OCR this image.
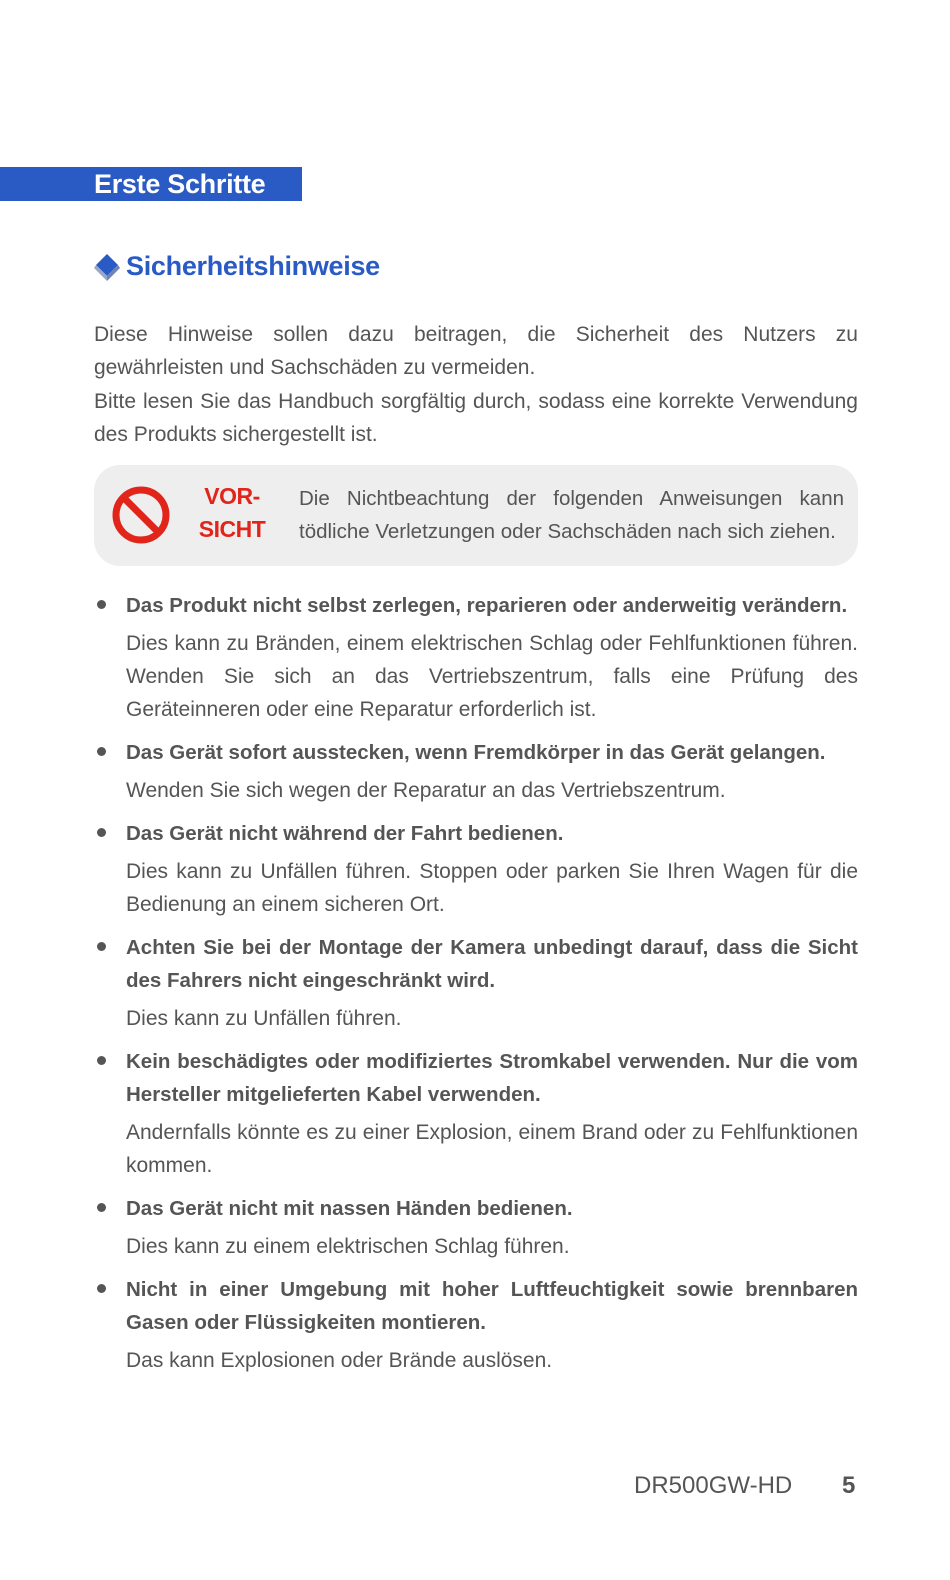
Erste Schritte
Sicherheitshinweise

Diese Hinweise sollen dazu beitragen, die Sicherheit des Nutzers zu gewährleisten und Sachschäden zu vermeiden.

Bitte lesen Sie das Handbuch sorgfältig durch, sodass eine korrekte Verwendung des Produkts sichergestellt ist.

VOR-
SICHT
Die Nichtbeachtung der folgenden Anweisungen kann tödliche Verletzungen oder Sachschäden nach sich ziehen.

Das Produkt nicht selbst zerlegen, reparieren oder anderweitig verändern.

Dies kann zu Bränden, einem elektrischen Schlag oder Fehlfunktionen führen. Wenden Sie sich an das Vertriebszentrum, falls eine Prüfung des Geräteinneren oder eine Reparatur erforderlich ist.

Das Gerät sofort ausstecken, wenn Fremdkörper in das Gerät gelangen.

Wenden Sie sich wegen der Reparatur an das Vertriebszentrum.

Das Gerät nicht während der Fahrt bedienen.

Dies kann zu Unfällen führen. Stoppen oder parken Sie Ihren Wagen für die Bedienung an einem sicheren Ort.

Achten Sie bei der Montage der Kamera unbedingt darauf, dass die Sicht des Fahrers nicht eingeschränkt wird.

Dies kann zu Unfällen führen.

Kein beschädigtes oder modifiziertes Stromkabel verwenden. Nur die vom Hersteller mitgelieferten Kabel verwenden.

Andernfalls könnte es zu einer Explosion, einem Brand oder zu Fehlfunktionen kommen.

Das Gerät nicht mit nassen Händen bedienen.

Dies kann zu einem elektrischen Schlag führen.

Nicht in einer Umgebung mit hoher Luftfeuchtigkeit sowie brennbaren Gasen oder Flüssigkeiten montieren.

Das kann Explosionen oder Brände auslösen.

DR500GW-HD 5
